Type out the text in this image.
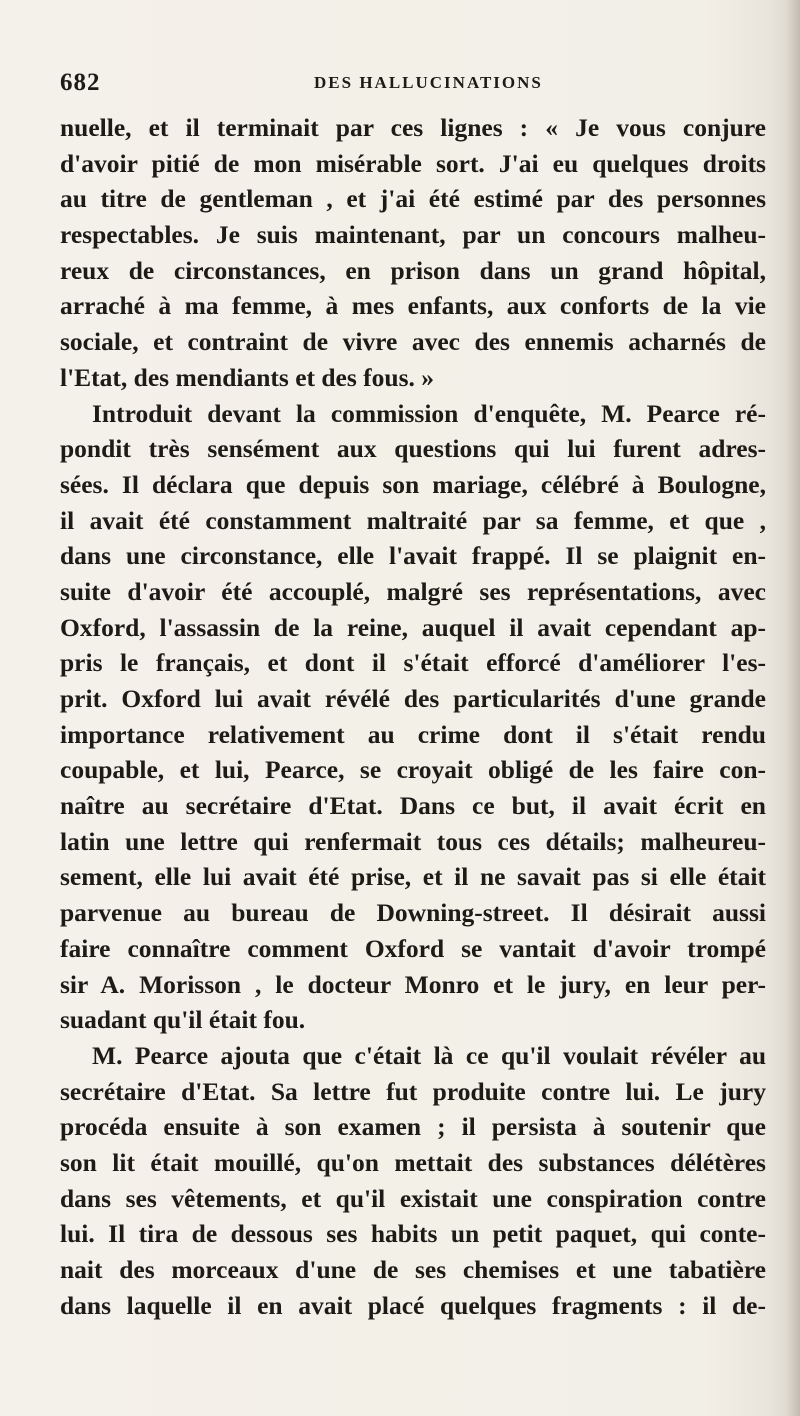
682	DES HALLUCINATIONS
nuelle, et il terminait par ces lignes : « Je vous conjure
d'avoir pitié de mon misérable sort. J'ai eu quelques droits
au titre de gentleman , et j'ai été estimé par des personnes
respectables. Je suis maintenant, par un concours malheu-
reux de circonstances, en prison dans un grand hôpital,
arraché à ma femme, à mes enfants, aux conforts de la vie
sociale, et contraint de vivre avec des ennemis acharnés de
l'Etat, des mendiants et des fous. »
Introduit devant la commission d'enquête, M. Pearce ré-
pondit très sensément aux questions qui lui furent adres-
sées. Il déclara que depuis son mariage, célébré à Boulogne,
il avait été constamment maltraité par sa femme, et que ,
dans une circonstance, elle l'avait frappé. Il se plaignit en-
suite d'avoir été accouplé, malgré ses représentations, avec
Oxford, l'assassin de la reine, auquel il avait cependant ap-
pris le français, et dont il s'était efforcé d'améliorer l'es-
prit. Oxford lui avait révélé des particularités d'une grande
importance relativement au crime dont il s'était rendu
coupable, et lui, Pearce, se croyait obligé de les faire con-
naître au secrétaire d'Etat. Dans ce but, il avait écrit en
latin une lettre qui renfermait tous ces détails; malheureu-
sement, elle lui avait été prise, et il ne savait pas si elle était
parvenue au bureau de Downing-street. Il désirait aussi
faire connaître comment Oxford se vantait d'avoir trompé
sir A. Morisson , le docteur Monro et le jury, en leur per-
suadant qu'il était fou.
M. Pearce ajouta que c'était là ce qu'il voulait révéler au
secrétaire d'Etat. Sa lettre fut produite contre lui. Le jury
procéda ensuite à son examen ; il persista à soutenir que
son lit était mouillé, qu'on mettait des substances délétères
dans ses vêtements, et qu'il existait une conspiration contre
lui. Il tira de dessous ses habits un petit paquet, qui conte-
nait des morceaux d'une de ses chemises et une tabatière
dans laquelle il en avait placé quelques fragments : il de-
